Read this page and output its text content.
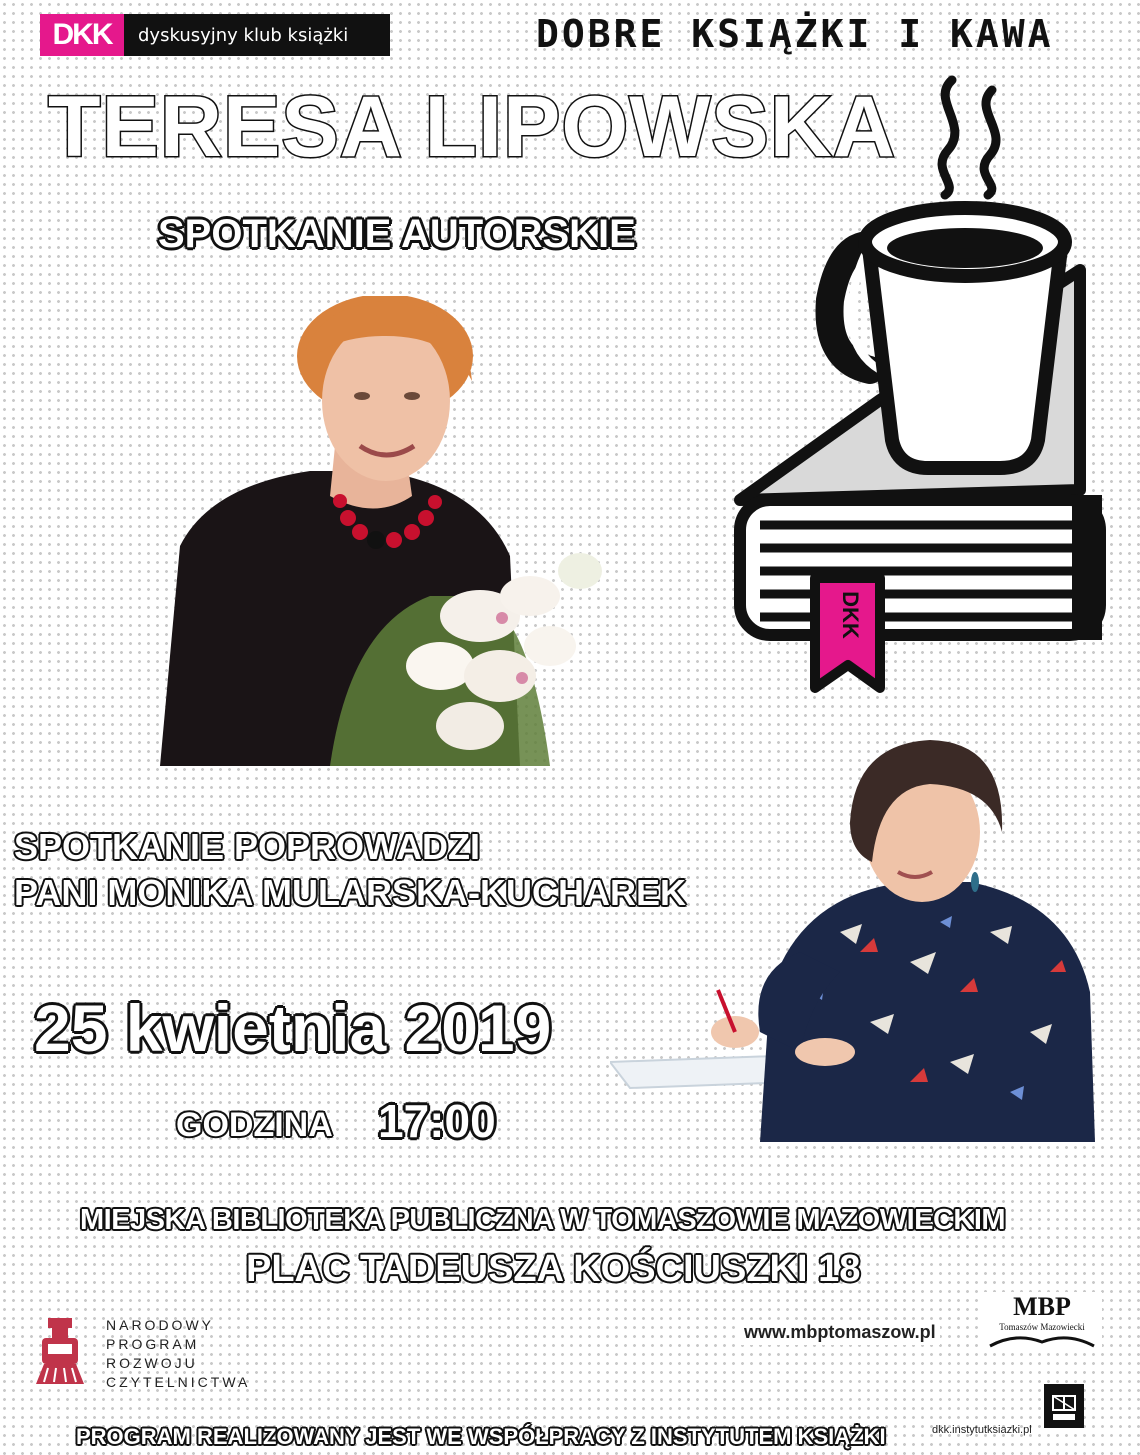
DKK	dyskusyjny klub książki	DOBRE KSIĄŻKI I KAWA
TERESA LIPOWSKA
SPOTKANIE AUTORSKIE
DKK
SPOTKANIE POPROWADZI
PANI MONIKA MULARSKA-KUCHAREK
25 kwietnia 2019
GODZINA 17:00
MIEJSKA BIBLIOTEKA PUBLICZNA W TOMASZOWIE MAZOWIECKIM
PLAC TADEUSZA KOŚCIUSZKI 18
NARODOWY
PROGRAM
ROZWOJU
CZYTELNICTWA
www.mbptomaszow.pl
MBP
Tomaszów Mazowiecki
dkk.instytutksiazki.pl
PROGRAM REALIZOWANY JEST WE WSPÓŁPRACY Z INSTYTUTEM KSIĄŻKI
